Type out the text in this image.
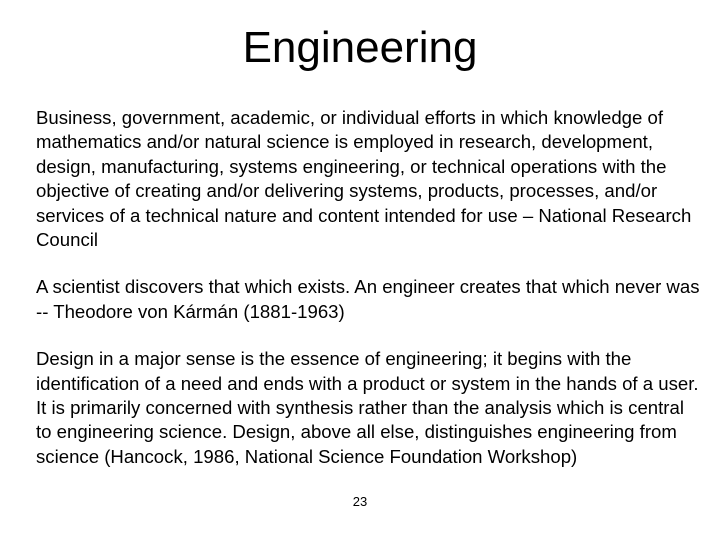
Engineering

Business, government, academic, or individual efforts in which knowledge of mathematics and/or natural science is employed in research, development, design, manufacturing, systems engineering, or technical operations with the objective of creating and/or delivering systems, products, processes, and/or services of a technical nature and content intended for use – National Research Council

A scientist discovers that which exists. An engineer creates that which never was -- Theodore von Kármán (1881-1963)

Design in a major sense is the essence of engineering; it begins with the identification of a need and ends with a product or system in the hands of a user. It is primarily concerned with synthesis rather than the analysis which is central to engineering science. Design, above all else, distinguishes engineering from science (Hancock, 1986, National Science Foundation Workshop)

23
